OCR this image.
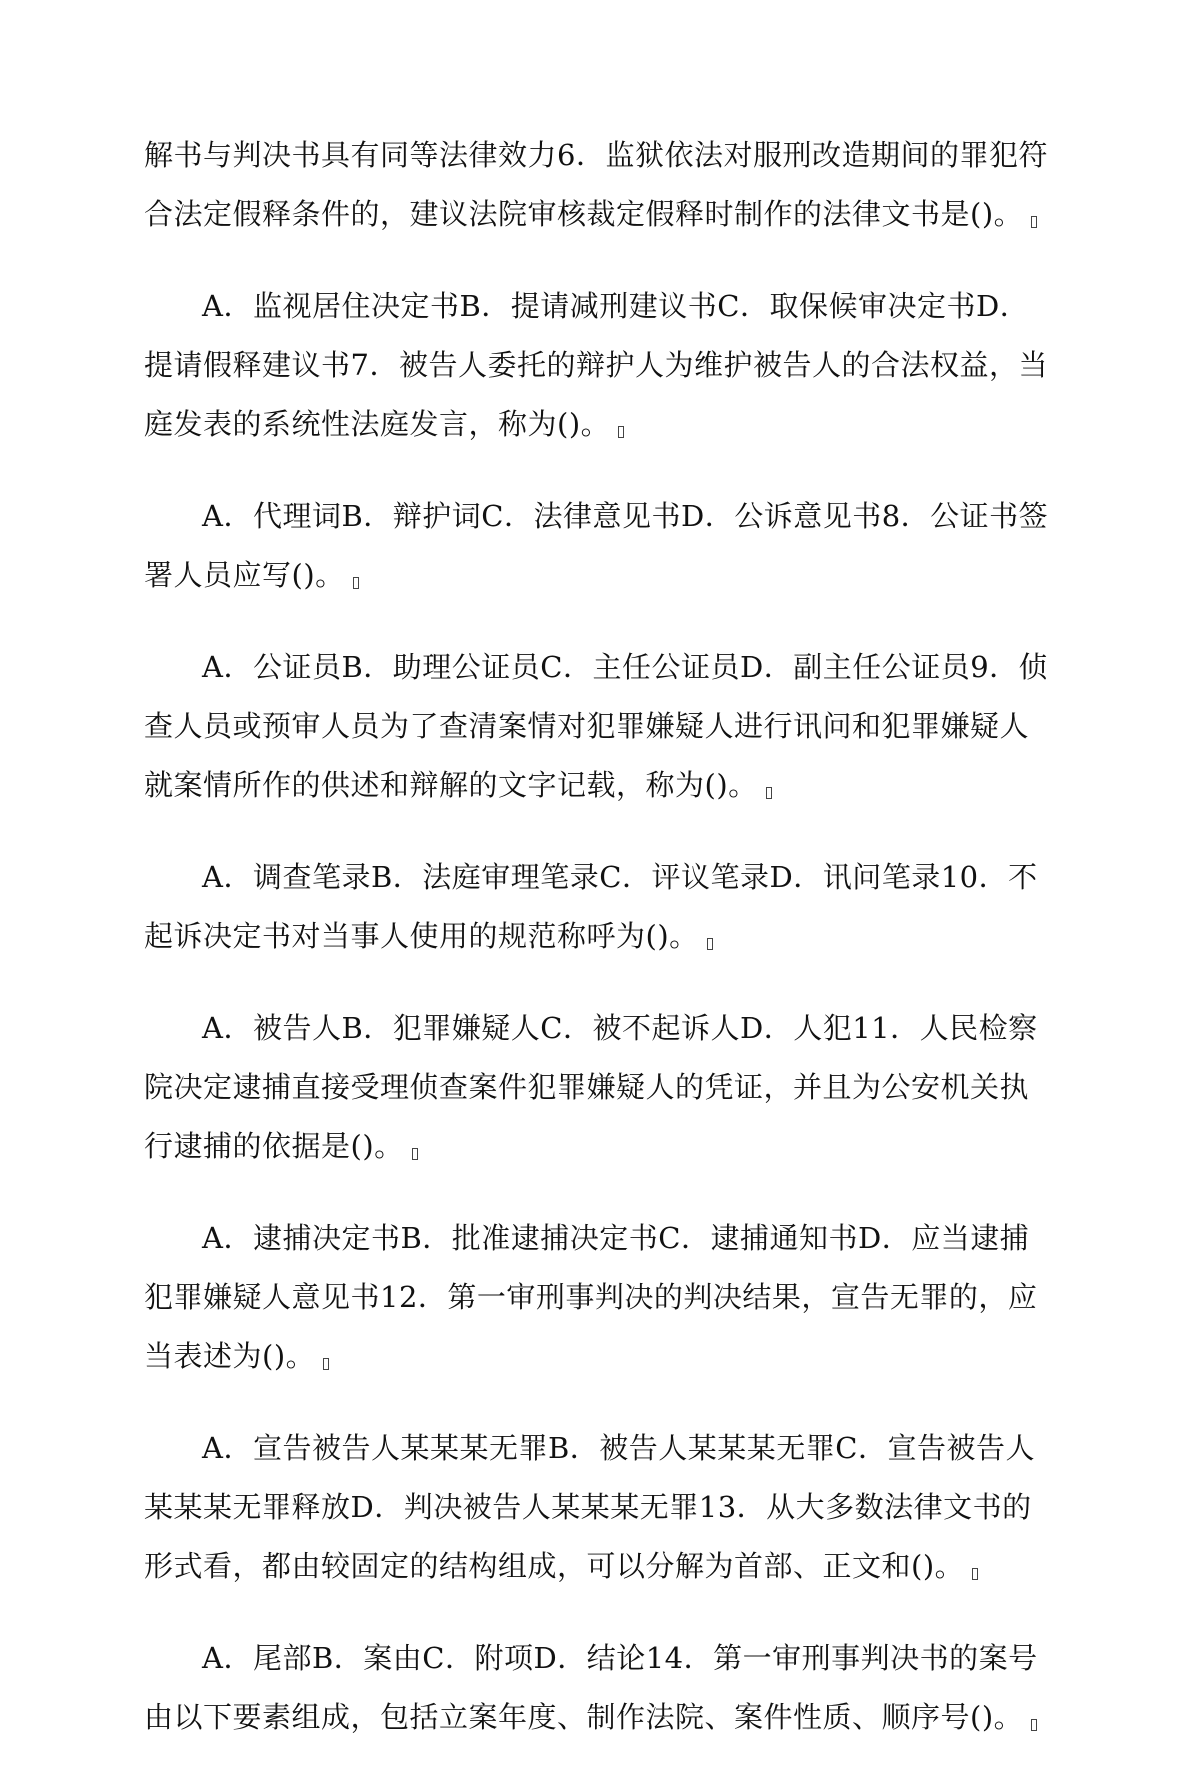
解书与判决书具有同等法律效力6．监狱依法对服刑改造期间的罪犯符合法定假释条件的，建议法院审核裁定假释时制作的法律文书是()。

A．监视居住决定书B．提请减刑建议书C．取保候审决定书D．提请假释建议书7．被告人委托的辩护人为维护被告人的合法权益，当庭发表的系统性法庭发言，称为()。

A．代理词B．辩护词C．法律意见书D．公诉意见书8．公证书签署人员应写()。

A．公证员B．助理公证员C．主任公证员D．副主任公证员9．侦查人员或预审人员为了查清案情对犯罪嫌疑人进行讯问和犯罪嫌疑人就案情所作的供述和辩解的文字记载，称为()。

A．调查笔录B．法庭审理笔录C．评议笔录D．讯问笔录10．不起诉决定书对当事人使用的规范称呼为()。

A．被告人B．犯罪嫌疑人C．被不起诉人D．人犯11．人民检察院决定逮捕直接受理侦查案件犯罪嫌疑人的凭证，并且为公安机关执行逮捕的依据是()。

A．逮捕决定书B．批准逮捕决定书C．逮捕通知书D．应当逮捕犯罪嫌疑人意见书12．第一审刑事判决的判决结果，宣告无罪的，应当表述为()。

A．宣告被告人某某某无罪B．被告人某某某无罪C．宣告被告人某某某无罪释放D．判决被告人某某某无罪13．从大多数法律文书的形式看，都由较固定的结构组成，可以分解为首部、正文和()。

A．尾部B．案由C．附项D．结论14．第一审刑事判决书的案号由以下要素组成，包括立案年度、制作法院、案件性质、顺序号()。
